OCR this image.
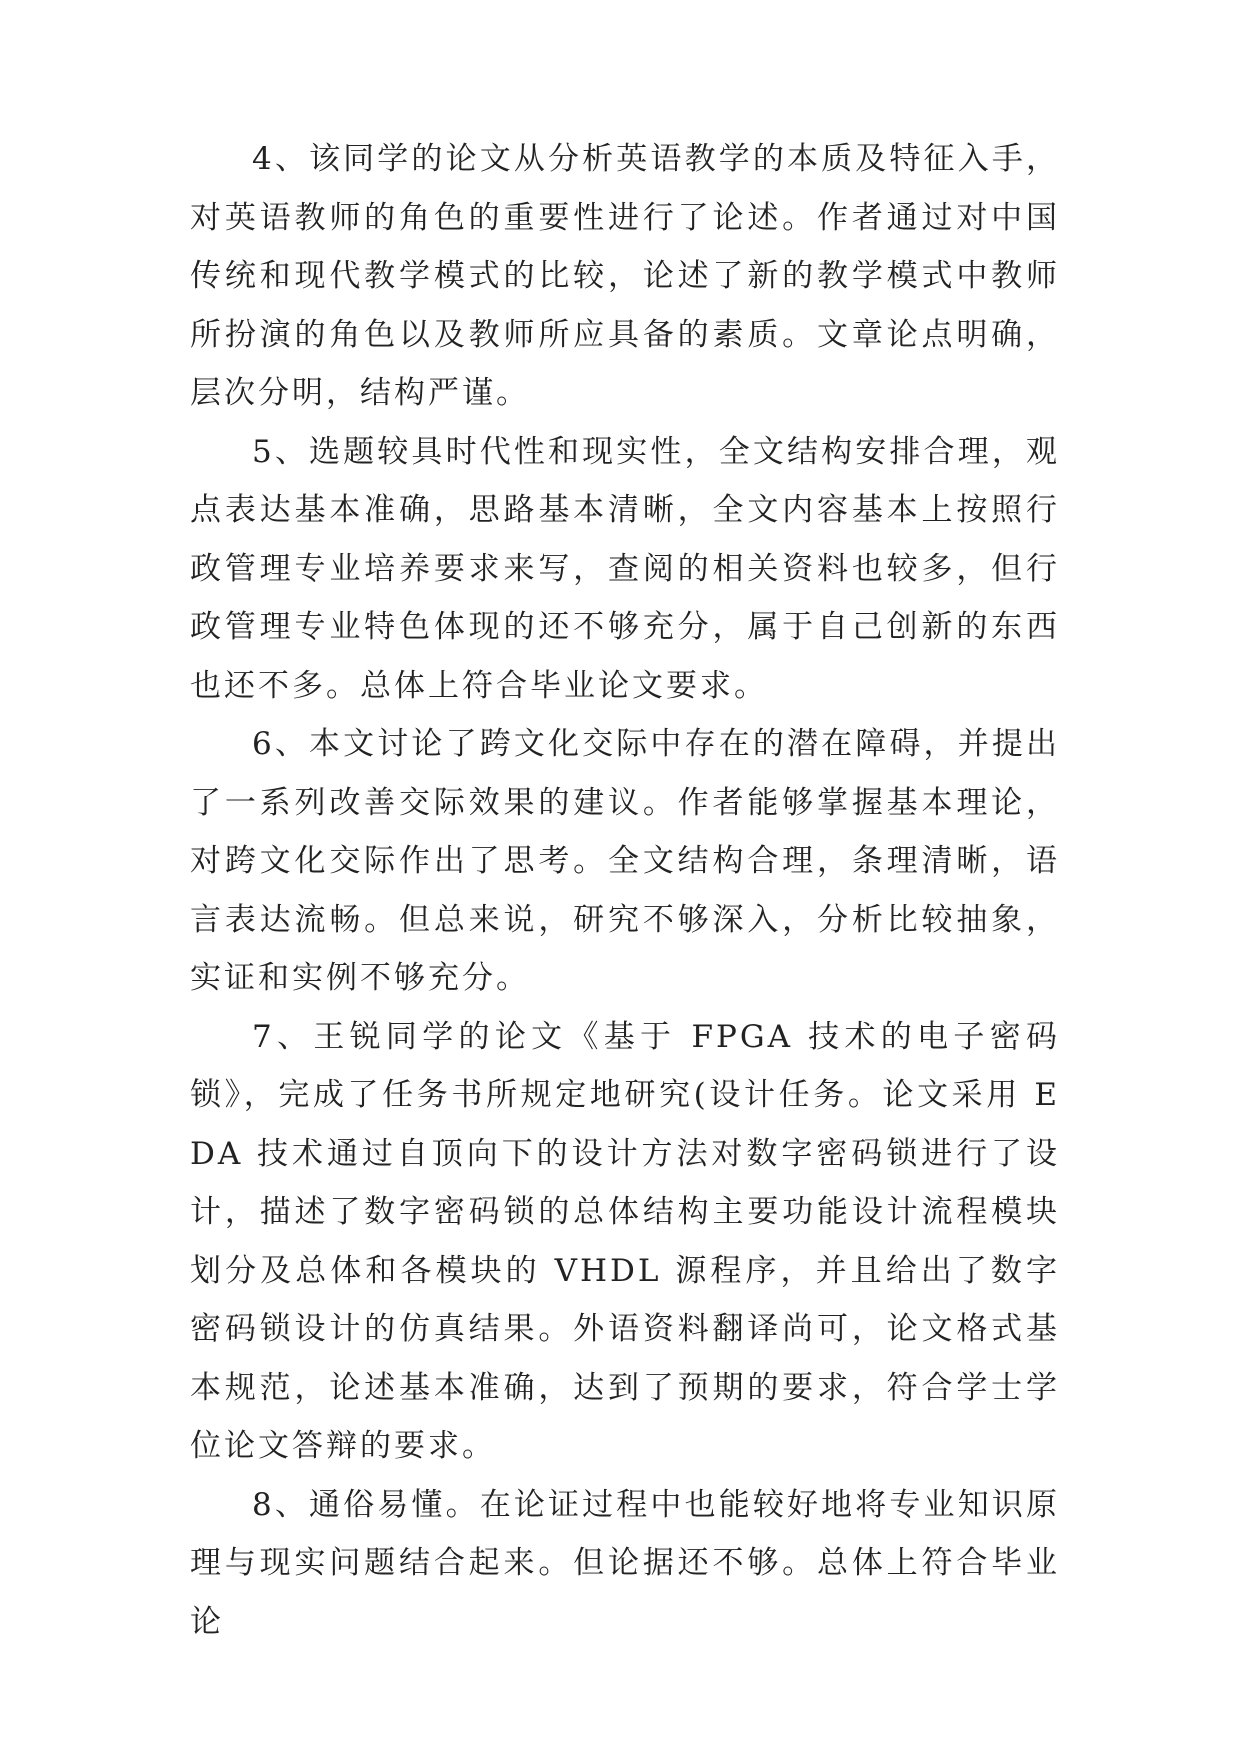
4、该同学的论文从分析英语教学的本质及特征入手，对英语教师的角色的重要性进行了论述。作者通过对中国传统和现代教学模式的比较，论述了新的教学模式中教师所扮演的角色以及教师所应具备的素质。文章论点明确，层次分明，结构严谨。

5、选题较具时代性和现实性，全文结构安排合理，观点表达基本准确，思路基本清晰，全文内容基本上按照行政管理专业培养要求来写，查阅的相关资料也较多，但行政管理专业特色体现的还不够充分，属于自己创新的东西也还不多。总体上符合毕业论文要求。

6、本文讨论了跨文化交际中存在的潜在障碍，并提出了一系列改善交际效果的建议。作者能够掌握基本理论，对跨文化交际作出了思考。全文结构合理，条理清晰，语言表达流畅。但总来说，研究不够深入，分析比较抽象，实证和实例不够充分。

7、王锐同学的论文《基于 FPGA 技术的电子密码锁》，完成了任务书所规定地研究(设计任务。论文采用 EDA 技术通过自顶向下的设计方法对数字密码锁进行了设计，描述了数字密码锁的总体结构主要功能设计流程模块划分及总体和各模块的 VHDL 源程序，并且给出了数字密码锁设计的仿真结果。外语资料翻译尚可，论文格式基本规范，论述基本准确，达到了预期的要求，符合学士学位论文答辩的要求。

8、通俗易懂。在论证过程中也能较好地将专业知识原理与现实问题结合起来。但论据还不够。总体上符合毕业论
